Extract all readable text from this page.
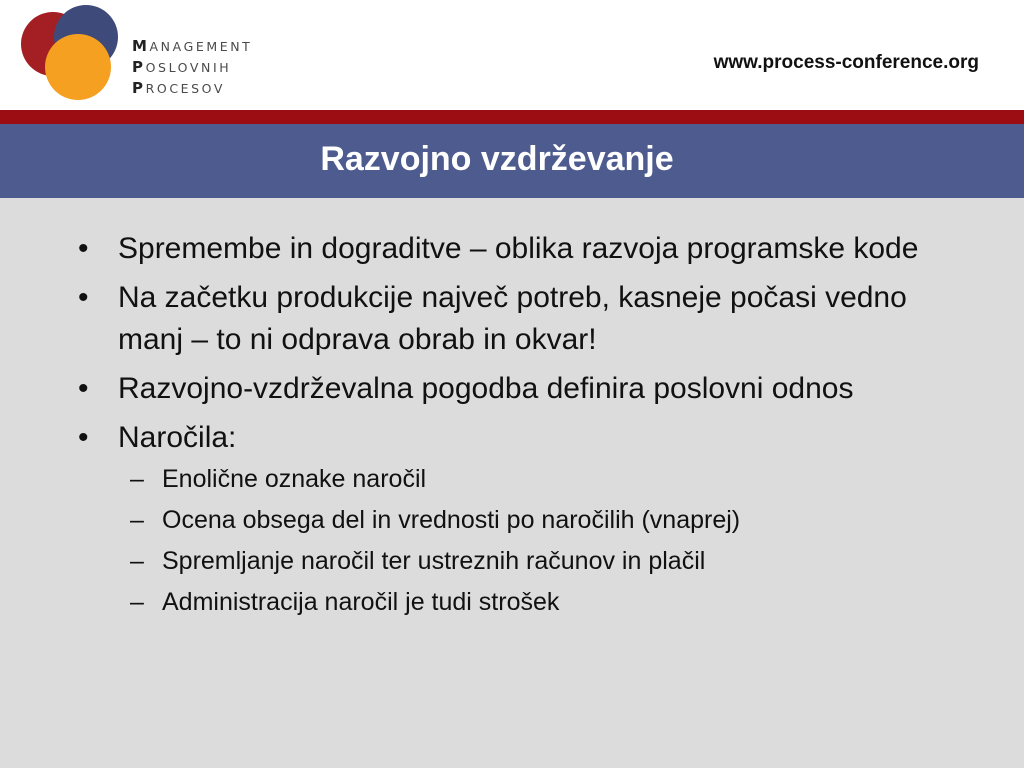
MANAGEMENT
POSLOVNIH
PROCESOV
www.process-conference.org
Razvojno vzdrževanje
• Spremembe in dograditve – oblika razvoja programske kode
• Na začetku produkcije največ potreb, kasneje počasi vedno manj – to ni odprava obrab in okvar!
• Razvojno-vzdrževalna pogodba definira poslovni odnos
• Naročila:
– Enolične oznake naročil
– Ocena obsega del in vrednosti po naročilih (vnaprej)
– Spremljanje naročil ter ustreznih računov in plačil
– Administracija naročil je tudi strošek
